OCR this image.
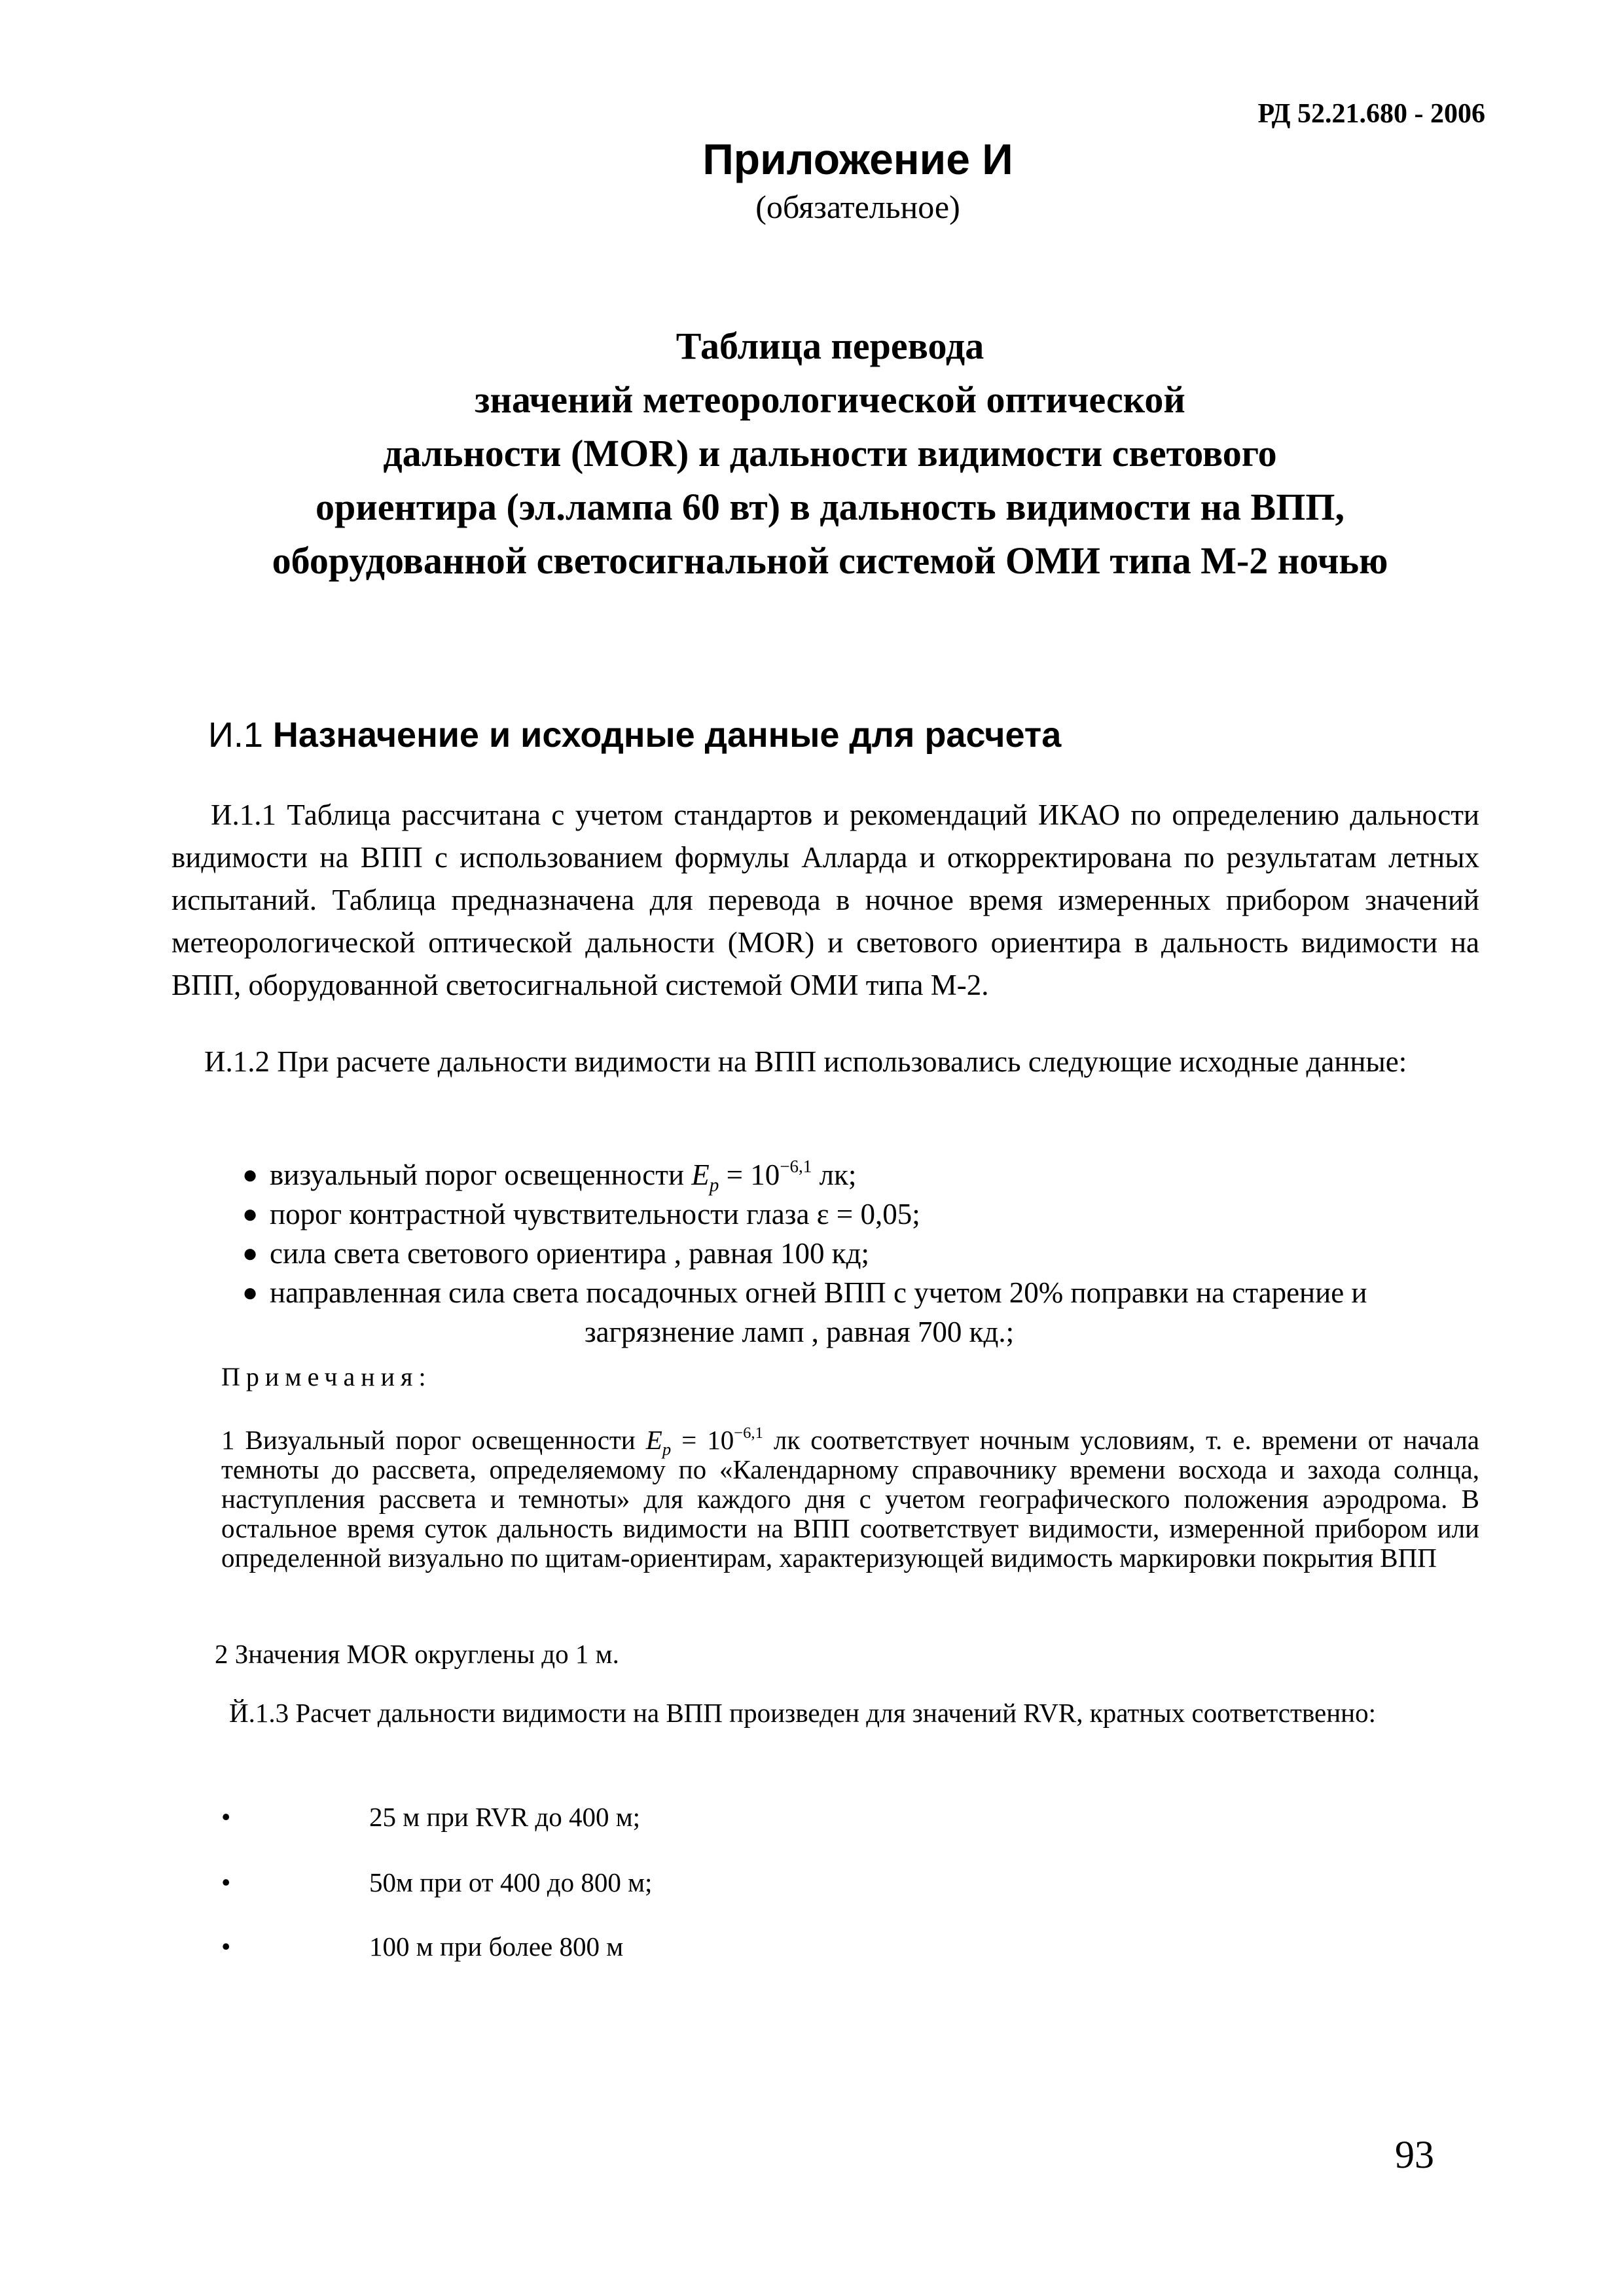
РД 52.21.680 - 2006
Приложение И
(обязательное)
Таблица перевода
значений метеорологической оптической
дальности (MOR) и дальности видимости светового
ориентира (эл.лампа 60 вт) в дальность видимости на ВПП,
оборудованной светосигнальной системой ОМИ типа М-2 ночью
И.1 Назначение и исходные данные для расчета
И.1.1 Таблица рассчитана с учетом стандартов и рекомендаций ИКАО по определению дальности видимости на ВПП с использованием формулы Алларда и откорректирована по результатам летных испытаний. Таблица предназначена для перевода в ночное время измеренных прибором значений метеорологической оптической дальности (MOR) и светового ориентира в дальность видимости на ВПП, оборудованной светосигнальной системой ОМИ типа М-2.
И.1.2 При расчете дальности видимости на ВПП использовались следующие исходные данные:
● визуальный порог освещенности $E_p = 10^{-6,1}$ лк;
● порог контрастной чувствительности глаза ε = 0,05;
● сила света светового ориентира , равная 100 кд;
● направленная сила света посадочных огней ВПП с учетом 20% поправки на старение и
загрязнение ламп , равная 700 кд.;
Примечания:
1 Визуальный порог освещенности $E_p = 10^{-6,1}$ лк соответствует ночным условиям, т. е. времени от начала темноты до рассвета, определяемому по «Календарному справочнику времени восхода и захода солнца, наступления рассвета и темноты» для каждого дня с учетом географического положения аэродрома. В остальное время суток дальность видимости на ВПП соответствует видимости, измеренной прибором или определенной визуально по щитам-ориентирам, характеризующей видимость маркировки покрытия ВПП
2 Значения MOR округлены до 1 м.
Й.1.3 Расчет дальности видимости на ВПП произведен для значений RVR, кратных соответственно:
•	25 м при RVR до 400 м;
•	50м при от 400 до 800 м;
•	100 м при более 800 м
93
